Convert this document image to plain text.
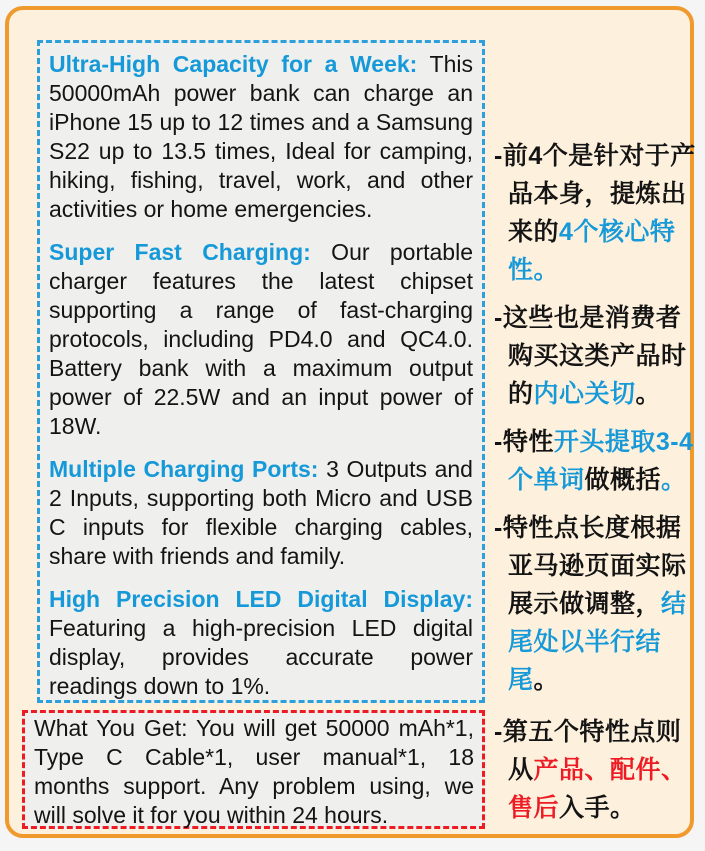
Ultra-High Capacity for a Week: This 50000mAh power bank can charge an iPhone 15 up to 12 times and a Samsung S22 up to 13.5 times, Ideal for camping, hiking, fishing, travel, work, and other activities or home emergencies.

Super Fast Charging: Our portable charger features the latest chipset supporting a range of fast-charging protocols, including PD4.0 and QC4.0. Battery bank with a maximum output power of 22.5W and an input power of 18W.

Multiple Charging Ports: 3 Outputs and 2 Inputs, supporting both Micro and USB C inputs for flexible charging cables, share with friends and family.

High Precision LED Digital Display: Featuring a high-precision LED digital display, provides accurate power readings down to 1%.

What You Get: You will get 50000 mAh*1, Type C Cable*1, user manual*1, 18 months support. Any problem using, we will solve it for you within 24 hours.

-前4个是针对于产品本身，提炼出来的4个核心特性。
-这些也是消费者购买这类产品时的内心关切。
-特性开头提取3-4个单词做概括。
-特性点长度根据亚马逊页面实际展示做调整，结尾处以半行结尾。
-第五个特性点则从产品、配件、售后入手。
